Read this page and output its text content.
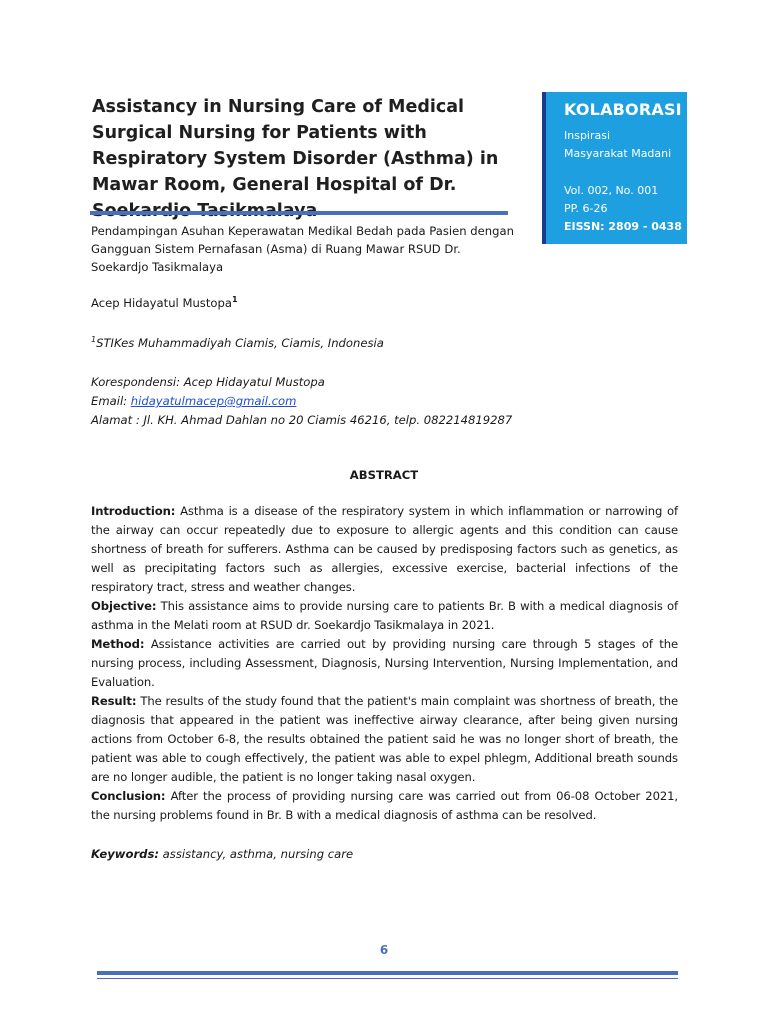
Assistancy in Nursing Care of Medical Surgical Nursing for Patients with Respiratory System Disorder (Asthma) in Mawar Room, General Hospital of Dr.
KOLABORASI
Inspirasi
Masyarakat Madani
Vol. 002, No. 001
PP. 6-26
EISSN: 2809 - 0438
Pendampingan Asuhan Keperawatan Medikal Bedah pada Pasien dengan Gangguan Sistem Pernafasan (Asma) di Ruang Mawar RSUD Dr. Soekardjo Tasikmalaya
Acep Hidayatul Mustopa$^1$
$^1$STIKes Muhammadiyah Ciamis, Ciamis, Indonesia
Korespondensi: Acep Hidayatul Mustopa
Email: hidayatulmacep@gmail.com
Alamat : Jl. KH. Ahmad Dahlan no 20 Ciamis 46216, telp. 082214819287
ABSTRACT

Introduction: Asthma is a disease of the respiratory system in which inflammation or narrowing of the airway can occur repeatedly due to exposure to allergic agents and this condition can cause shortness of breath for sufferers. Asthma can be caused by predisposing factors such as genetics, as well as precipitating factors such as allergies, excessive exercise, bacterial infections of the respiratory tract, stress and weather changes.

Objective: This assistance aims to provide nursing care to patients Br. B with a medical diagnosis of asthma in the Melati room at RSUD dr. Soekardjo Tasikmalaya in 2021.

Method: Assistance activities are carried out by providing nursing care through 5 stages of the nursing process, including Assessment, Diagnosis, Nursing Intervention, Nursing Implementation, and Evaluation.

Result: The results of the study found that the patient's main complaint was shortness of breath, the diagnosis that appeared in the patient was ineffective airway clearance, after being given nursing actions from October 6-8, the results obtained the patient said he was no longer short of breath, the patient was able to cough effectively, the patient was able to expel phlegm, Additional breath sounds are no longer audible, the patient is no longer taking nasal oxygen.

Conclusion: After the process of providing nursing care was carried out from 06-08 October 2021, the nursing problems found in Br. B with a medical diagnosis of asthma can be resolved.

Keywords: assistancy, asthma, nursing care
6
